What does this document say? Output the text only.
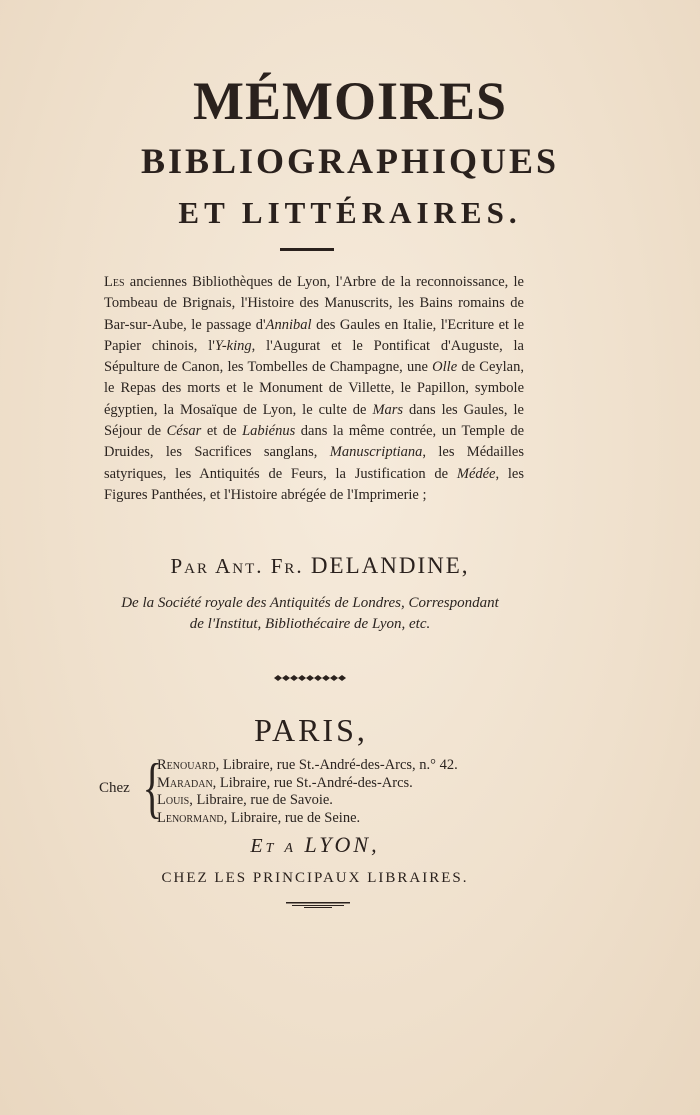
MÉMOIRES
BIBLIOGRAPHIQUES
ET LITTÉRAIRES.
Les anciennes Bibliothèques de Lyon, l'Arbre de la reconnoissance, le Tombeau de Brignais, l'Histoire des Manuscrits, les Bains romains de Bar-sur-Aube, le passage d'Annibal des Gaules en Italie, l'Ecriture et le Papier chinois, l'Y-king, l'Augurat et le Pontificat d'Auguste, la Sépulture de Canon, les Tombelles de Champagne, une Olle de Ceylan, le Repas des morts et le Monument de Villette, le Papillon, symbole égyptien, la Mosaïque de Lyon, le culte de Mars dans les Gaules, le Séjour de César et de Labiénus dans la même contrée, un Temple de Druides, les Sacrifices sanglans, Manuscriptiana, les Médailles satyriques, les Antiquités de Feurs, la Justification de Médée, les Figures Panthées, et l'Histoire abrégée de l'Imprimerie ;
Par Ant. Fr. DELANDINE,
De la Société royale des Antiquités de Londres, Correspondant
de l'Institut, Bibliothécaire de Lyon, etc.
PARIS,
Chez {
Renouard, Libraire, rue St.-André-des-Arcs, n.° 42.
Maradan, Libraire, rue St.-André-des-Arcs.
Louis, Libraire, rue de Savoie.
Lenormand, Libraire, rue de Seine.
Et a LYON,
CHEZ LES PRINCIPAUX LIBRAIRES.
